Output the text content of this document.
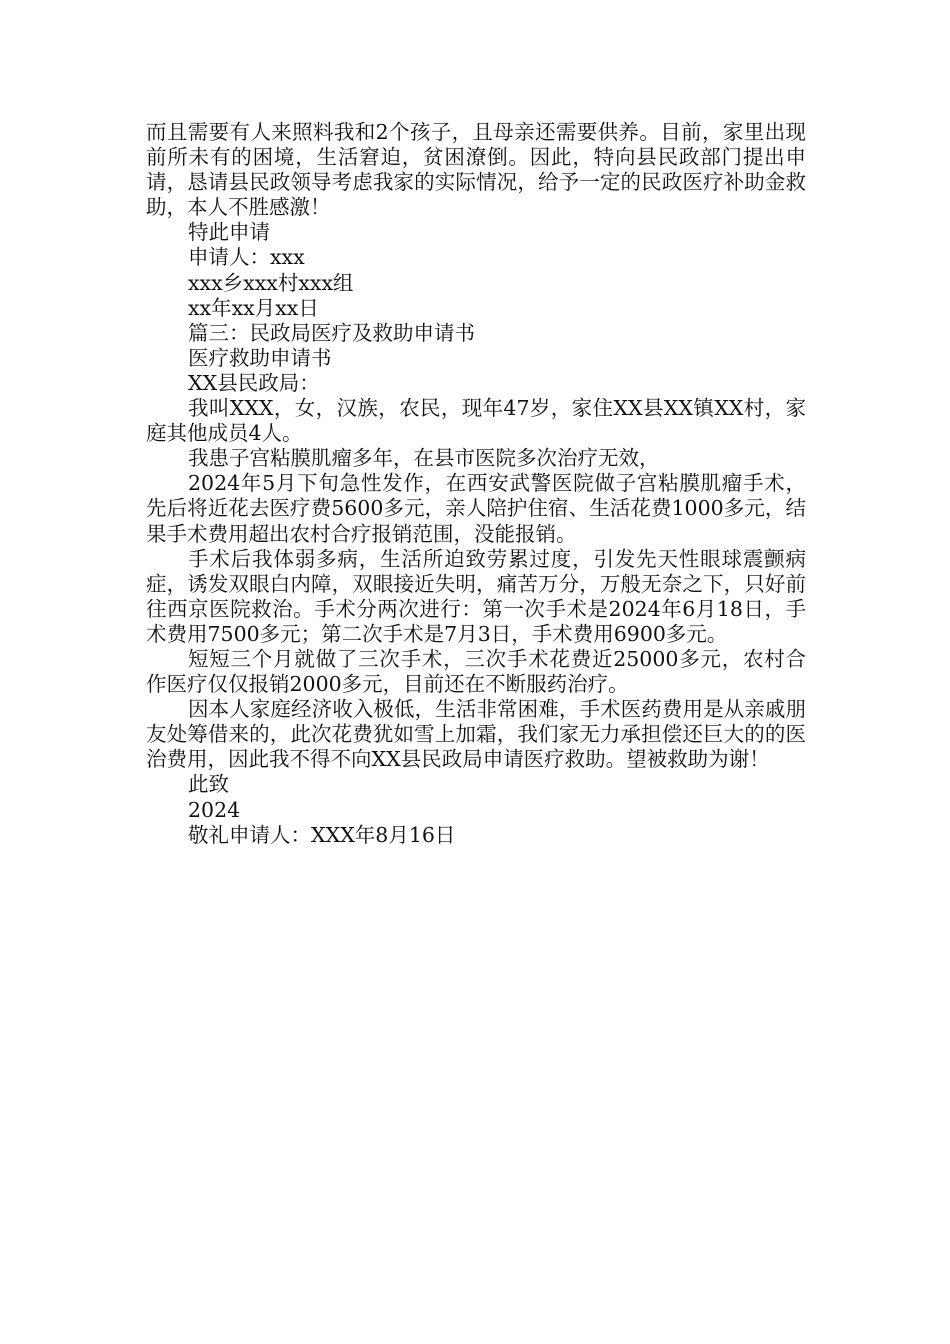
而且需要有人来照料我和2个孩子，且母亲还需要供养。目前，家里出现前所未有的困境，生活窘迫，贫困潦倒。因此，特向县民政部门提出申请，恳请县民政领导考虑我家的实际情况，给予一定的民政医疗补助金救助，本人不胜感激！

特此申请

申请人：xxx

xxx乡xxx村xxx组

xx年xx月xx日

篇三：民政局医疗及救助申请书

医疗救助申请书

XX县民政局：

我叫XXX，女，汉族，农民，现年47岁，家住XX县XX镇XX村，家庭其他成员4人。

我患子宫粘膜肌瘤多年，在县市医院多次治疗无效，

2024年5月下旬急性发作，在西安武警医院做子宫粘膜肌瘤手术，先后将近花去医疗费5600多元，亲人陪护住宿、生活花费1000多元，结果手术费用超出农村合疗报销范围，没能报销。

手术后我体弱多病，生活所迫致劳累过度，引发先天性眼球震颤病症，诱发双眼白内障，双眼接近失明，痛苦万分，万般无奈之下，只好前往西京医院救治。手术分两次进行：第一次手术是2024年6月18日，手术费用7500多元；第二次手术是7月3日，手术费用6900多元。

短短三个月就做了三次手术，三次手术花费近25000多元，农村合作医疗仅仅报销2000多元，目前还在不断服药治疗。

因本人家庭经济收入极低，生活非常困难，手术医药费用是从亲戚朋友处筹借来的，此次花费犹如雪上加霜，我们家无力承担偿还巨大的的医治费用，因此我不得不向XX县民政局申请医疗救助。望被救助为谢！

此致

2024

敬礼申请人：XXX年8月16日
